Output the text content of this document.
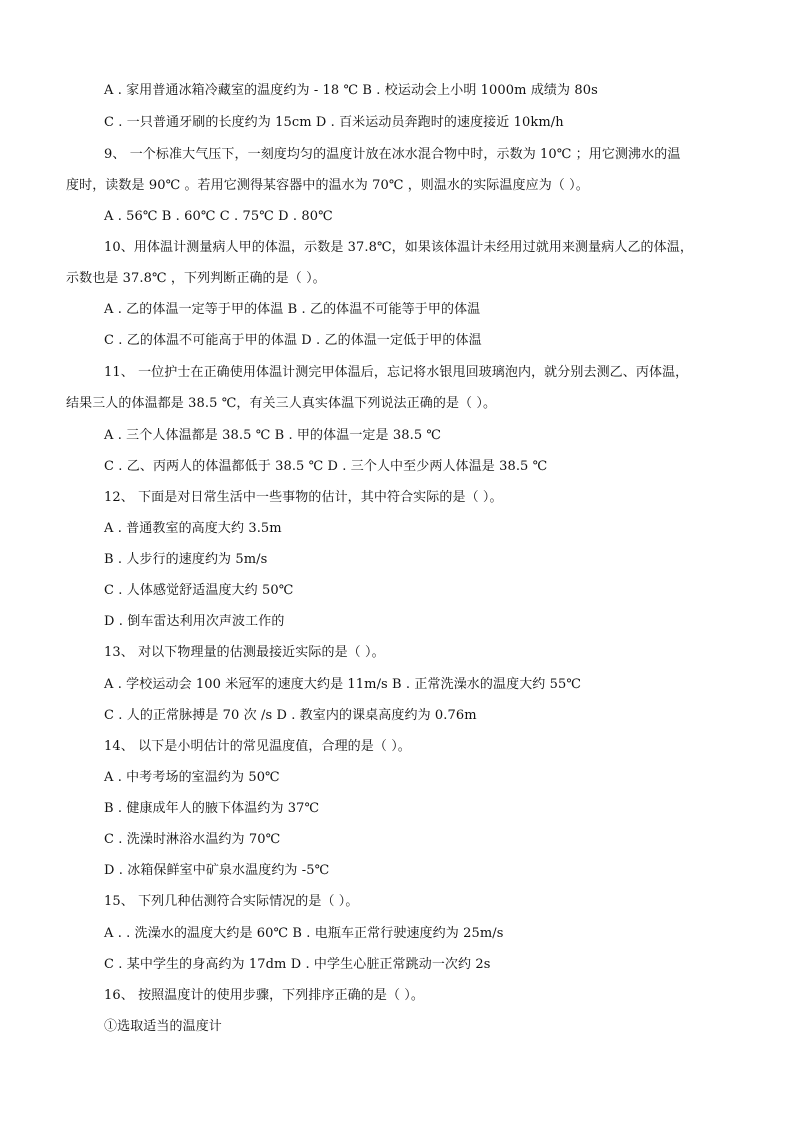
A . 家用普通冰箱冷藏室的温度约为 - 18 ℃ B . 校运动会上小明 1000m 成绩为 80s
C . 一只普通牙刷的长度约为 15cm D . 百米运动员奔跑时的速度接近 10km/h
9、 一个标准大气压下，一刻度均匀的温度计放在冰水混合物中时，示数为 10℃ ；用它测沸水的温
度时，读数是 90℃ 。若用它测得某容器中的温水为 70℃ ，则温水的实际温度应为（ ）。
A . 56℃ B . 60℃ C . 75℃ D . 80℃
10、用体温计测量病人甲的体温，示数是 37.8℃，如果该体温计未经用过就用来测量病人乙的体温，
示数也是 37.8℃ ，下列判断正确的是（ ）。
A . 乙的体温一定等于甲的体温 B . 乙的体温不可能等于甲的体温
C . 乙的体温不可能高于甲的体温 D . 乙的体温一定低于甲的体温
11、 一位护士在正确使用体温计测完甲体温后，忘记将水银甩回玻璃泡内，就分别去测乙、丙体温，
结果三人的体温都是 38.5 ℃，有关三人真实体温下列说法正确的是（ ）。
A . 三个人体温都是 38.5 ℃ B . 甲的体温一定是 38.5 ℃
C . 乙、丙两人的体温都低于 38.5 ℃ D . 三个人中至少两人体温是 38.5 ℃
12、 下面是对日常生活中一些事物的估计，其中符合实际的是（ ）。
A . 普通教室的高度大约 3.5m
B . 人步行的速度约为 5m/s
C . 人体感觉舒适温度大约 50℃
D . 倒车雷达利用次声波工作的
13、 对以下物理量的估测最接近实际的是（ ）。
A . 学校运动会 100 米冠军的速度大约是 11m/s B . 正常洗澡水的温度大约 55℃
C . 人的正常脉搏是 70 次 /s D . 教室内的课桌高度约为 0.76m
14、 以下是小明估计的常见温度值，合理的是（ ）。
A . 中考考场的室温约为 50℃
B . 健康成年人的腋下体温约为 37℃
C . 洗澡时淋浴水温约为 70℃
D . 冰箱保鲜室中矿泉水温度约为 -5℃
15、 下列几种估测符合实际情况的是（ ）。
A . . 洗澡水的温度大约是 60℃ B . 电瓶车正常行驶速度约为 25m/s
C . 某中学生的身高约为 17dm D . 中学生心脏正常跳动一次约 2s
16、 按照温度计的使用步骤，下列排序正确的是（ ）。
①选取适当的温度计
